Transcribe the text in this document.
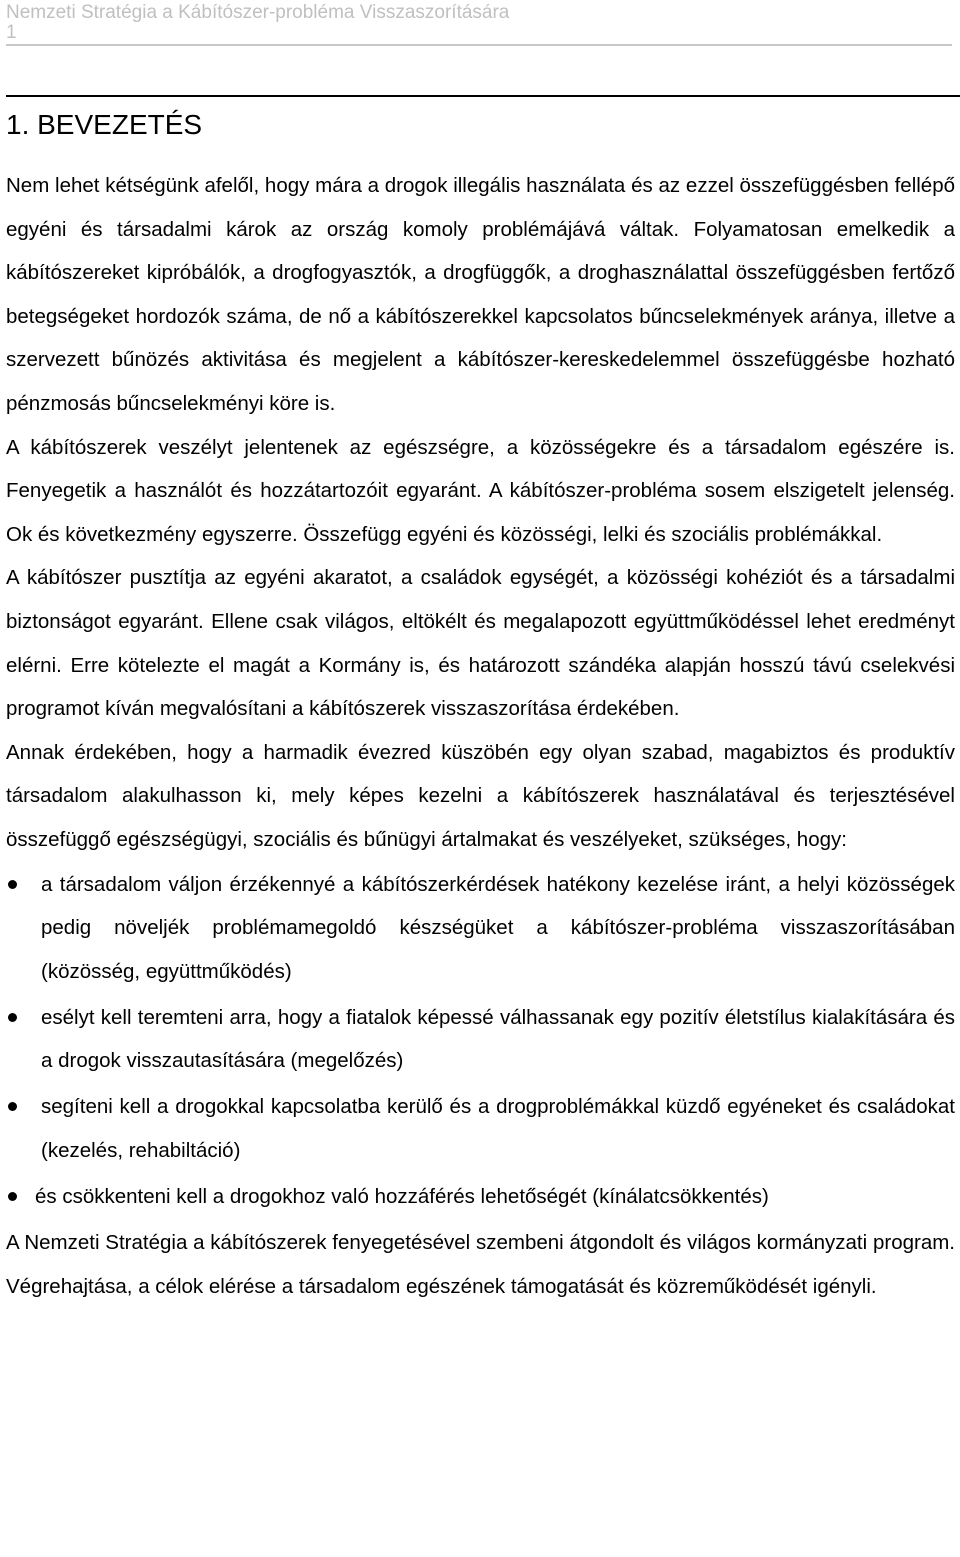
Nemzeti Stratégia a Kábítószer-probléma Visszaszorítására
1
1. BEVEZETÉS

Nem lehet kétségünk afelől, hogy mára a drogok illegális használata és az ezzel összefüggésben fellépő egyéni és társadalmi károk az ország komoly problémájává váltak. Folyamatosan emelkedik a kábítószereket kipróbálók, a drogfogyasztók, a drogfüggők, a droghasználattal összefüggésben fertőző betegségeket hordozók száma, de nő a kábítószerekkel kapcsolatos bűncselekmények aránya, illetve a szervezett bűnözés aktivitása és megjelent a kábítószer-kereskedelemmel összefüggésbe hozható pénzmosás bűncselekményi köre is.

A kábítószerek veszélyt jelentenek az egészségre, a közösségekre és a társadalom egészére is. Fenyegetik a használót és hozzátartozóit egyaránt. A kábítószer-probléma sosem elszigetelt jelenség. Ok és következmény egyszerre. Összefügg egyéni és közösségi, lelki és szociális problémákkal.

A kábítószer pusztítja az egyéni akaratot, a családok egységét, a közösségi kohéziót és a társadalmi biztonságot egyaránt. Ellene csak világos, eltökélt és megalapozott együttműködéssel lehet eredményt elérni. Erre kötelezte el magát a Kormány is, és határozott szándéka alapján hosszú távú cselekvési programot kíván megvalósítani a kábítószerek visszaszorítása érdekében.

Annak érdekében, hogy a harmadik évezred küszöbén egy olyan szabad, magabiztos és produktív társadalom alakulhasson ki, mely képes kezelni a kábítószerek használatával és terjesztésével összefüggő egészségügyi, szociális és bűnügyi ártalmakat és veszélyeket, szükséges, hogy:

a társadalom váljon érzékennyé a kábítószerkérdések hatékony kezelése iránt, a helyi közösségek pedig növeljék problémamegoldó készségüket a kábítószer-probléma visszaszorításában (közösség, együttműködés)
esélyt kell teremteni arra, hogy a fiatalok képessé válhassanak egy pozitív életstílus kialakítására és a drogok visszautasítására (megelőzés)
segíteni kell a drogokkal kapcsolatba kerülő és a drogproblémákkal küzdő egyéneket és családokat (kezelés, rehabiltáció)
és csökkenteni kell a drogokhoz való hozzáférés lehetőségét (kínálatcsökkentés)

A Nemzeti Stratégia a kábítószerek fenyegetésével szembeni átgondolt és világos kormányzati program. Végrehajtása, a célok elérése a társadalom egészének támogatását és közreműködését igényli.
